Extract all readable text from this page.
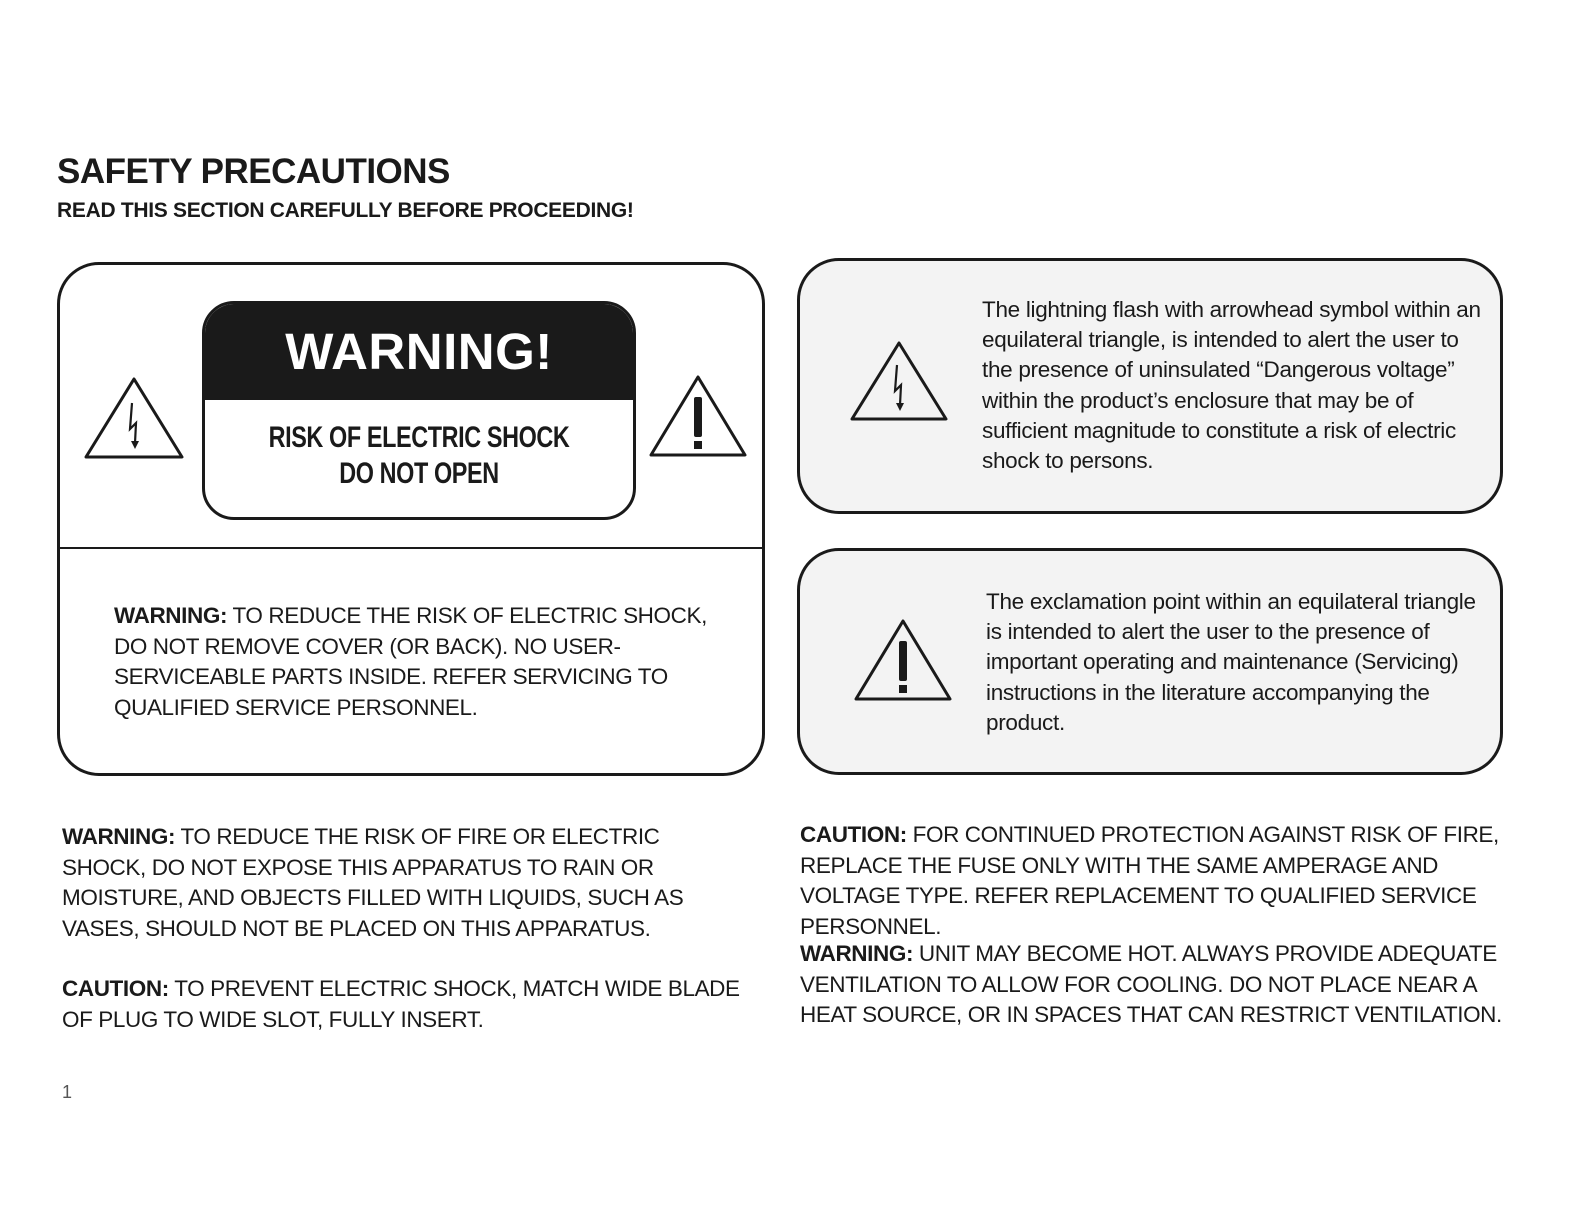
SAFETY PRECAUTIONS
READ THIS SECTION CAREFULLY BEFORE PROCEEDING!
WARNING!
RISK OF ELECTRIC SHOCK
DO NOT OPEN
WARNING: TO REDUCE THE RISK OF ELECTRIC SHOCK, DO NOT REMOVE COVER (OR BACK). NO USER-SERVICEABLE PARTS INSIDE. REFER SERVICING TO QUALIFIED SERVICE PERSONNEL.
The lightning flash with arrowhead symbol within an equilateral triangle, is intended to alert the user to the presence of uninsulated “Dangerous voltage” within the product’s enclosure that may be of sufficient magnitude to constitute a risk of electric shock to persons.
The exclamation point within an equilateral triangle is intended to alert the user to the presence of important operating and maintenance (Servicing) instructions in the literature accompanying the product.
WARNING: TO REDUCE THE RISK OF FIRE OR ELECTRIC SHOCK, DO NOT EXPOSE THIS APPARATUS TO RAIN OR MOISTURE, AND OBJECTS FILLED WITH LIQUIDS, SUCH AS VASES, SHOULD NOT BE PLACED ON THIS APPARATUS.
CAUTION: TO PREVENT ELECTRIC SHOCK, MATCH WIDE BLADE OF PLUG TO WIDE SLOT, FULLY INSERT.
CAUTION: FOR CONTINUED PROTECTION AGAINST RISK OF FIRE, REPLACE THE FUSE ONLY WITH THE SAME AMPERAGE AND VOLTAGE TYPE. REFER REPLACEMENT TO QUALIFIED SERVICE PERSONNEL.
WARNING: UNIT MAY BECOME HOT. ALWAYS PROVIDE ADEQUATE VENTILATION TO ALLOW FOR COOLING. DO NOT PLACE NEAR A HEAT SOURCE, OR IN SPACES THAT CAN RESTRICT VENTILATION.
1
